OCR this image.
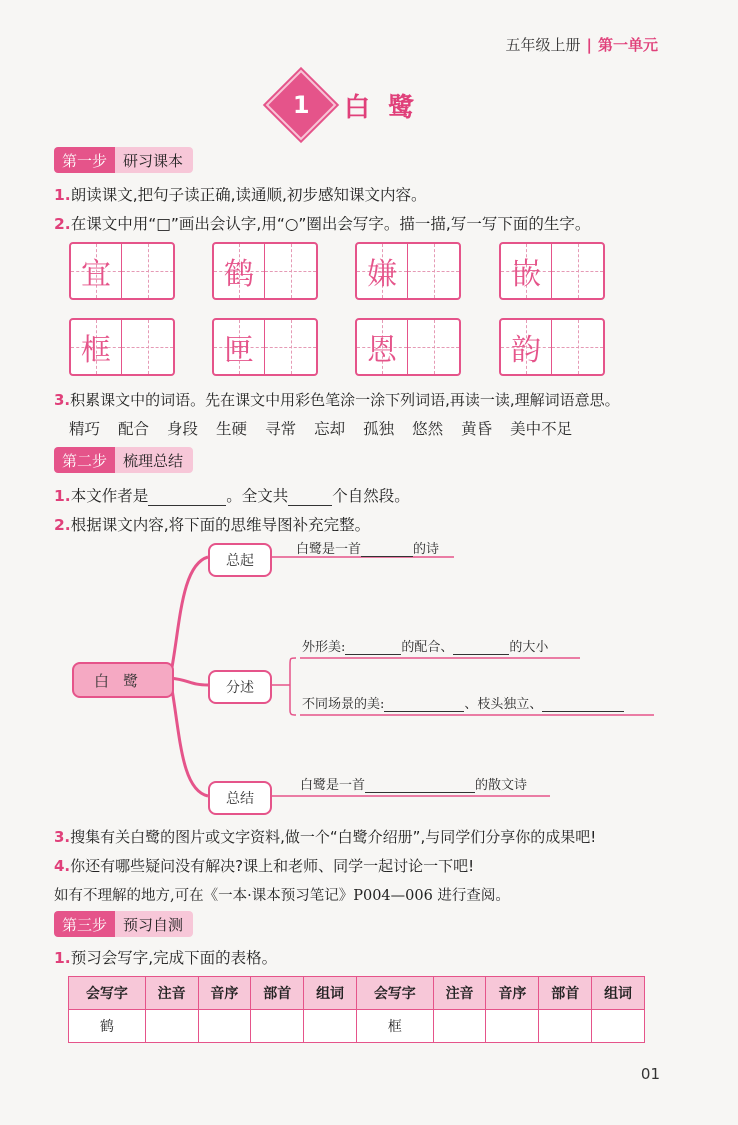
五年级上册 | 第一单元
1 白鹭
第一步	研习课本
1.朗读课文,把句子读正确,读通顺,初步感知课文内容。
2.在课文中用“□”画出会认字,用“○”圈出会写字。描一描,写一写下面的生字。
宜	鹤	嫌	嵌
框	匣	恩	韵
3.积累课文中的词语。先在课文中用彩色笔涂一涂下列词语,再读一读,理解词语意思。
精巧 配合 身段 生硬 寻常 忘却 孤独 悠然 黄昏 美中不足
第二步	梳理总结
1.本文作者是	。全文共	个自然段。
2.根据课文内容,将下面的思维导图补充完整。
白鹭
总起
白鹭是一首	的诗
分述
外形美:	的配合、	的大小
不同场景的美:	、枝头独立、
总结
白鹭是一首	的散文诗
3.搜集有关白鹭的图片或文字资料,做一个“白鹭介绍册”,与同学们分享你的成果吧!
4.你还有哪些疑问没有解决?课上和老师、同学一起讨论一下吧!
如有不理解的地方,可在《一本·课本预习笔记》P004—006 进行查阅。
第三步	预习自测
1.预习会写字,完成下面的表格。
会写字	注音	音序	部首	组词	会写字	注音	音序	部首	组词
鹤					框				
01
